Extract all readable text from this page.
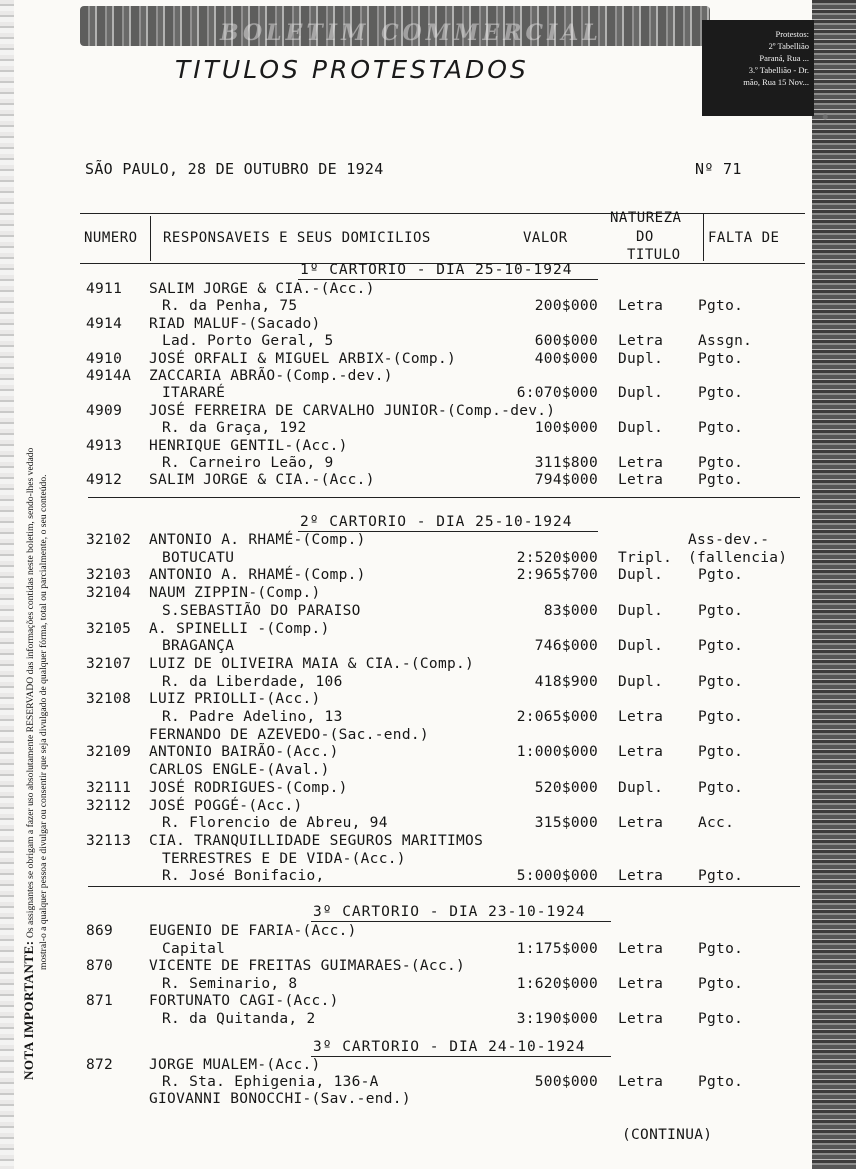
BOLETIM COMMERCIAL
TITULOS PROTESTADOS
Protestos:
2º Tabellião
Paraná, Rua ...
3.º Tabellião - Dr.
mão, Rua 15 Nov...
SÃO PAULO, 28 DE OUTUBRO DE 1924	Nº 71
NOTA IMPORTANTE: Os assignantes se obrigam a fazer uso absolutamente RESERVADO das informações contidas neste boletim, sendo-lhes vedado mostral-o a qualquer pessoa e divulgar ou consentir que seja divulgado de qualquer fórma, total ou parcialmente, o seu conteúdo.
NUMERO RESPONSAVEIS E SEUS DOMICILIOS	VALOR
NATUREZA
DO
TITULO
FALTA DE
1º CARTORIO - DIA 25-10-1924
4911 SALIM JORGE & CIA.-(Acc.)
R. da Penha, 75	200$000 Letra Pgto.
4914 RIAD MALUF-(Sacado)
Lad. Porto Geral, 5	600$000 Letra Assgn.
4910 JOSÉ ORFALI & MIGUEL ARBIX-(Comp.)	400$000 Dupl. Pgto.
4914A ZACCARIA ABRÃO-(Comp.-dev.)
ITARARÉ	6:070$000 Dupl. Pgto.
4909 JOSÉ FERREIRA DE CARVALHO JUNIOR-(Comp.-dev.)
R. da Graça, 192	100$000 Dupl. Pgto.
4913 HENRIQUE GENTIL-(Acc.)
R. Carneiro Leão, 9	311$800 Letra Pgto.
4912 SALIM JORGE & CIA.-(Acc.)	794$000 Letra Pgto.
2º CARTORIO - DIA 25-10-1924
32102 ANTONIO A. RHAMÉ-(Comp.)	Ass-dev.-
BOTUCATU	2:520$000 Tripl. (fallencia)
32103 ANTONIO A. RHAMÉ-(Comp.)	2:965$700 Dupl. Pgto.
32104 NAUM ZIPPIN-(Comp.)
S.SEBASTIÃO DO PARAISO	83$000 Dupl. Pgto.
32105 A. SPINELLI -(Comp.)
BRAGANÇA	746$000 Dupl. Pgto.
32107 LUIZ DE OLIVEIRA MAIA & CIA.-(Comp.)
R. da Liberdade, 106	418$900 Dupl. Pgto.
32108 LUIZ PRIOLLI-(Acc.)
R. Padre Adelino, 13	2:065$000 Letra Pgto.
FERNANDO DE AZEVEDO-(Sac.-end.)
32109 ANTONIO BAIRÃO-(Acc.)	1:000$000 Letra Pgto.
CARLOS ENGLE-(Aval.)
32111 JOSÉ RODRIGUES-(Comp.)	520$000 Dupl. Pgto.
32112 JOSÉ POGGÉ-(Acc.)
R. Florencio de Abreu, 94	315$000 Letra Acc.
32113 CIA. TRANQUILLIDADE SEGUROS MARITIMOS
TERRESTRES E DE VIDA-(Acc.)
R. José Bonifacio,	5:000$000 Letra Pgto.
3º CARTORIO - DIA 23-10-1924
869 EUGENIO DE FARIA-(Acc.)
Capital	1:175$000 Letra Pgto.
870 VICENTE DE FREITAS GUIMARAES-(Acc.)
R. Seminario, 8	1:620$000 Letra Pgto.
871 FORTUNATO CAGI-(Acc.)
R. da Quitanda, 2	3:190$000 Letra Pgto.
3º CARTORIO - DIA 24-10-1924
872 JORGE MUALEM-(Acc.)
R. Sta. Ephigenia, 136-A	500$000 Letra Pgto.
GIOVANNI BONOCCHI-(Sav.-end.)
(CONTINUA)
